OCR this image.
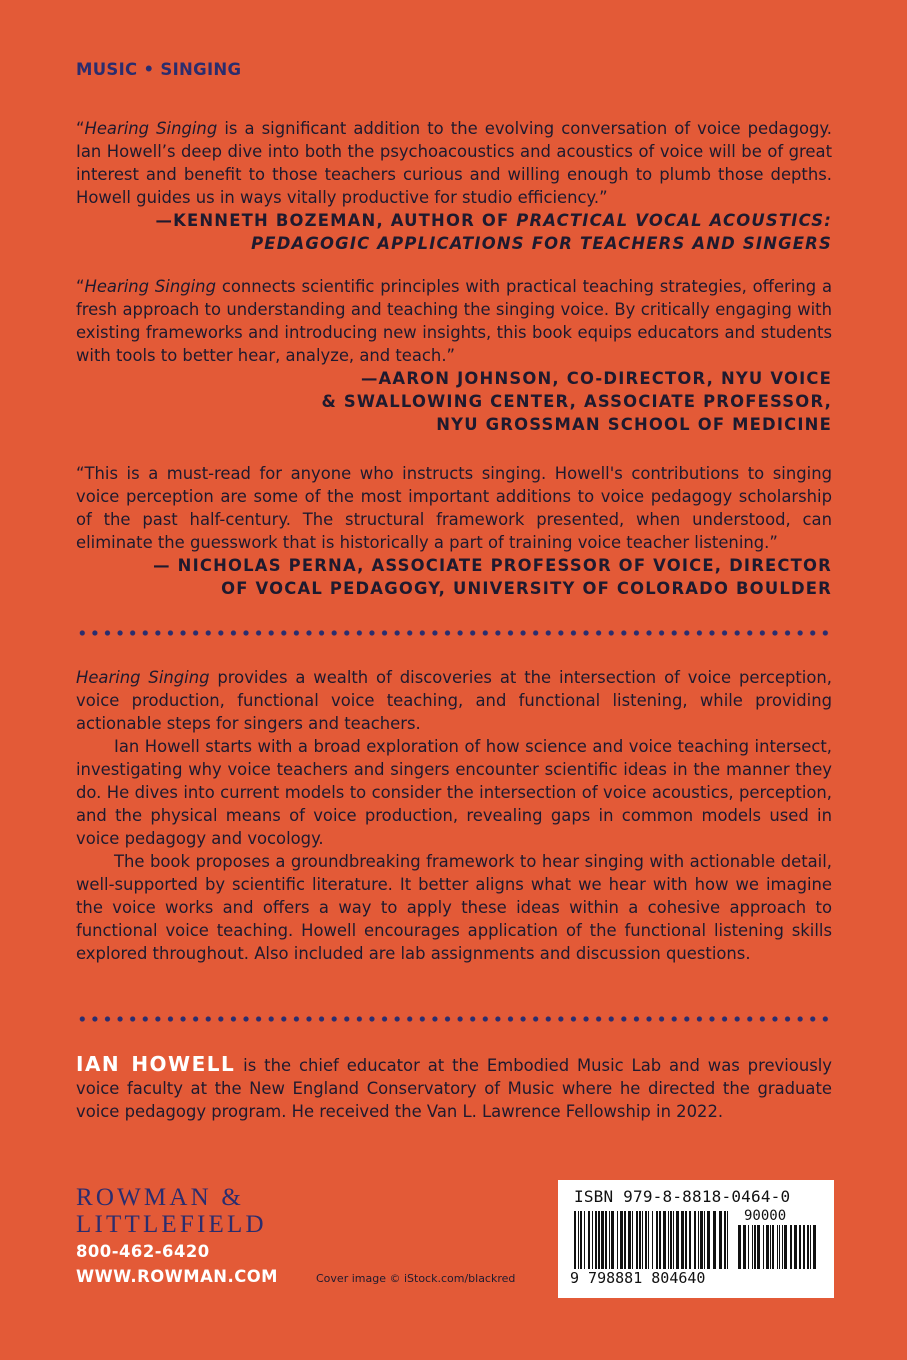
MUSIC • SINGING

“Hearing Singing is a significant addition to the evolving conversation of voice pedagogy. Ian Howell’s deep dive into both the psychoacoustics and acoustics of voice will be of great interest and benefit to those teachers curious and willing enough to plumb those depths. Howell guides us in ways vitally productive for studio efficiency.”

—KENNETH BOZEMAN, AUTHOR OF PRACTICAL VOCAL ACOUSTICS:

PEDAGOGIC APPLICATIONS FOR TEACHERS AND SINGERS

“Hearing Singing connects scientific principles with practical teaching strategies, offering a fresh approach to understanding and teaching the singing voice. By critically engaging with existing frameworks and introducing new insights, this book equips educators and students with tools to better hear, analyze, and teach.”

—AARON JOHNSON, CO-DIRECTOR, NYU VOICE

& SWALLOWING CENTER, ASSOCIATE PROFESSOR,

NYU GROSSMAN SCHOOL OF MEDICINE

“This is a must-read for anyone who instructs singing. Howell's contributions to singing voice perception are some of the most important additions to voice pedagogy scholarship of the past half-century. The structural framework presented, when understood, can eliminate the guesswork that is historically a part of training voice teacher listening.”

— NICHOLAS PERNA, ASSOCIATE PROFESSOR OF VOICE, DIRECTOR

OF VOCAL PEDAGOGY, UNIVERSITY OF COLORADO BOULDER

Hearing Singing provides a wealth of discoveries at the intersection of voice perception, voice production, functional voice teaching, and functional listening, while providing actionable steps for singers and teachers.

Ian Howell starts with a broad exploration of how science and voice teaching intersect, investigating why voice teachers and singers encounter scientific ideas in the manner they do. He dives into current models to consider the intersection of voice acoustics, perception, and the physical means of voice production, revealing gaps in common models used in voice pedagogy and vocology.

The book proposes a groundbreaking framework to hear singing with actionable detail, well-supported by scientific literature. It better aligns what we hear with how we imagine the voice works and offers a way to apply these ideas within a cohesive approach to functional voice teaching. Howell encourages application of the functional listening skills explored throughout. Also included are lab assignments and discussion questions.

IAN HOWELL is the chief educator at the Embodied Music Lab and was previously voice faculty at the New England Conservatory of Music where he directed the graduate voice pedagogy program. He received the Van L. Lawrence Fellowship in 2022.
ROWMAN &
LITTLEFIELD
800-462-6420
WWW.ROWMAN.COM	Cover image © iStock.com/blackred
ISBN 979-8-8818-0464-0
90000
9 798881 804640
